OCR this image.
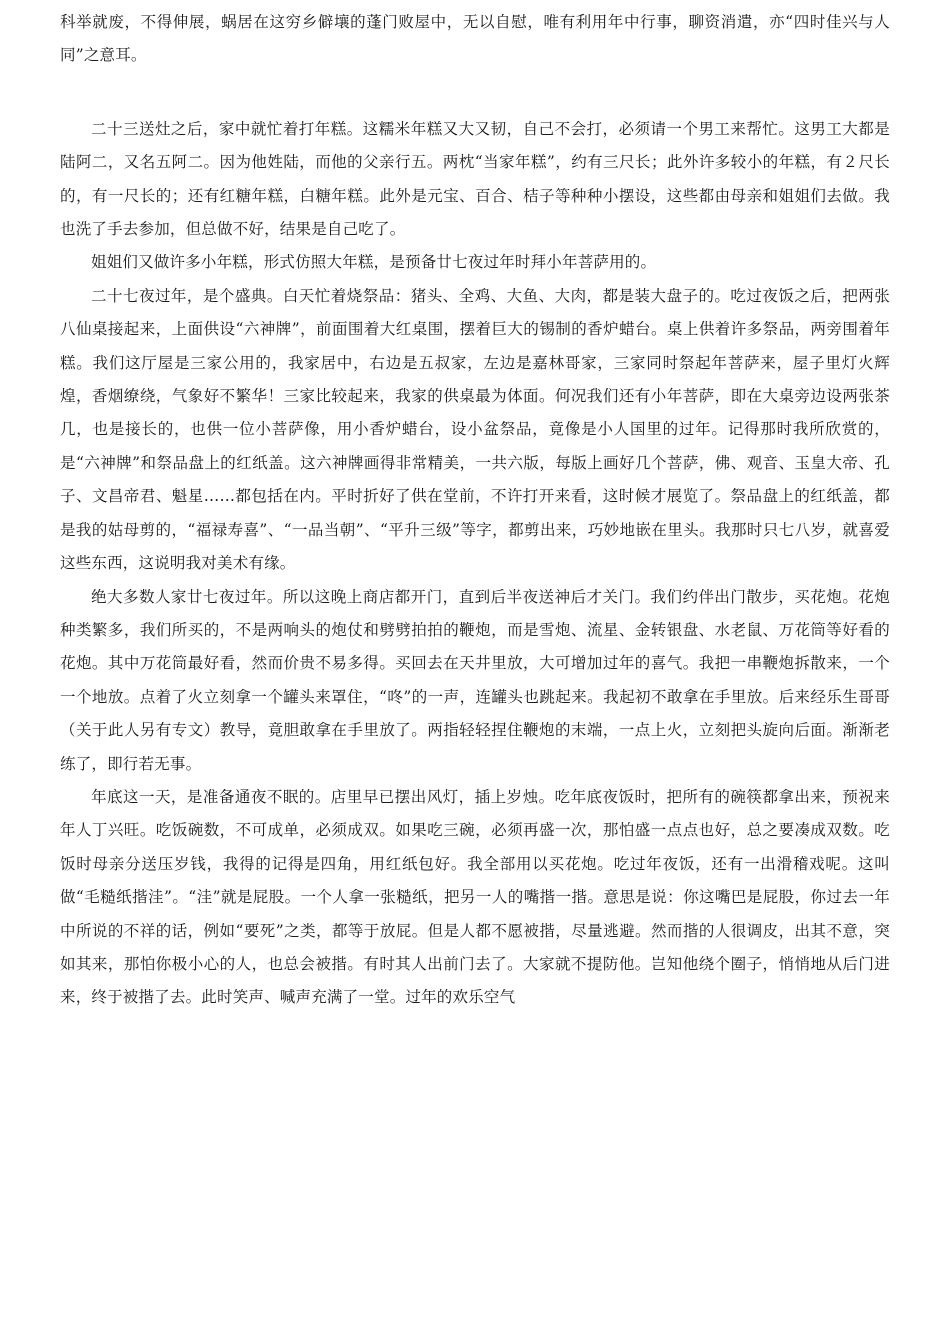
科举就废，不得伸展，蜗居在这穷乡僻壤的蓬门败屋中，无以自慰，唯有利用年中行事，聊资消遣，亦“四时佳兴与人同”之意耳。

二十三送灶之后，家中就忙着打年糕。这糯米年糕又大又韧，自己不会打，必须请一个男工来帮忙。这男工大都是陆阿二，又名五阿二。因为他姓陆，而他的父亲行五。两枕“当家年糕”，约有三尺长；此外许多较小的年糕，有２尺长的，有一尺长的；还有红糖年糕，白糖年糕。此外是元宝、百合、桔子等种种小摆设，这些都由母亲和姐姐们去做。我也洗了手去参加，但总做不好，结果是自己吃了。

姐姐们又做许多小年糕，形式仿照大年糕，是预备廿七夜过年时拜小年菩萨用的。

二十七夜过年，是个盛典。白天忙着烧祭品：猪头、全鸡、大鱼、大肉，都是装大盘子的。吃过夜饭之后，把两张八仙桌接起来，上面供设“六神牌”，前面围着大红桌围，摆着巨大的锡制的香炉蜡台。桌上供着许多祭品，两旁围着年糕。我们这厅屋是三家公用的，我家居中，右边是五叔家，左边是嘉林哥家，三家同时祭起年菩萨来，屋子里灯火辉煌，香烟缭绕，气象好不繁华！三家比较起来，我家的供桌最为体面。何况我们还有小年菩萨，即在大桌旁边设两张茶几，也是接长的，也供一位小菩萨像，用小香炉蜡台，设小盆祭品，竟像是小人国里的过年。记得那时我所欣赏的，是“六神牌”和祭品盘上的红纸盖。这六神牌画得非常精美，一共六版，每版上画好几个菩萨，佛、观音、玉皇大帝、孔子、文昌帝君、魁星……都包括在内。平时折好了供在堂前，不许打开来看，这时候才展览了。祭品盘上的红纸盖，都是我的姑母剪的，“福禄寿喜”、“一品当朝”、“平升三级”等字，都剪出来，巧妙地嵌在里头。我那时只七八岁，就喜爱这些东西，这说明我对美术有缘。

绝大多数人家廿七夜过年。所以这晚上商店都开门，直到后半夜送神后才关门。我们约伴出门散步，买花炮。花炮种类繁多，我们所买的，不是两响头的炮仗和劈劈拍拍的鞭炮，而是雪炮、流星、金转银盘、水老鼠、万花筒等好看的花炮。其中万花筒最好看，然而价贵不易多得。买回去在天井里放，大可增加过年的喜气。我把一串鞭炮拆散来，一个一个地放。点着了火立刻拿一个罐头来罩住，“咚”的一声，连罐头也跳起来。我起初不敢拿在手里放。后来经乐生哥哥（关于此人另有专文）教导，竟胆敢拿在手里放了。两指轻轻捏住鞭炮的末端，一点上火，立刻把头旋向后面。渐渐老练了，即行若无事。

年底这一天，是准备通夜不眠的。店里早已摆出风灯，插上岁烛。吃年底夜饭时，把所有的碗筷都拿出来，预祝来年人丁兴旺。吃饭碗数，不可成单，必须成双。如果吃三碗，必须再盛一次，那怕盛一点点也好，总之要凑成双数。吃饭时母亲分送压岁钱，我得的记得是四角，用红纸包好。我全部用以买花炮。吃过年夜饭，还有一出滑稽戏呢。这叫做“毛糙纸揩洼”。“洼”就是屁股。一个人拿一张糙纸，把另一人的嘴揩一揩。意思是说：你这嘴巴是屁股，你过去一年中所说的不祥的话，例如“要死”之类，都等于放屁。但是人都不愿被揩，尽量逃避。然而揩的人很调皮，出其不意，突如其来，那怕你极小心的人，也总会被揩。有时其人出前门去了。大家就不提防他。岂知他绕个圈子，悄悄地从后门进来，终于被揩了去。此时笑声、喊声充满了一堂。过年的欢乐空气
